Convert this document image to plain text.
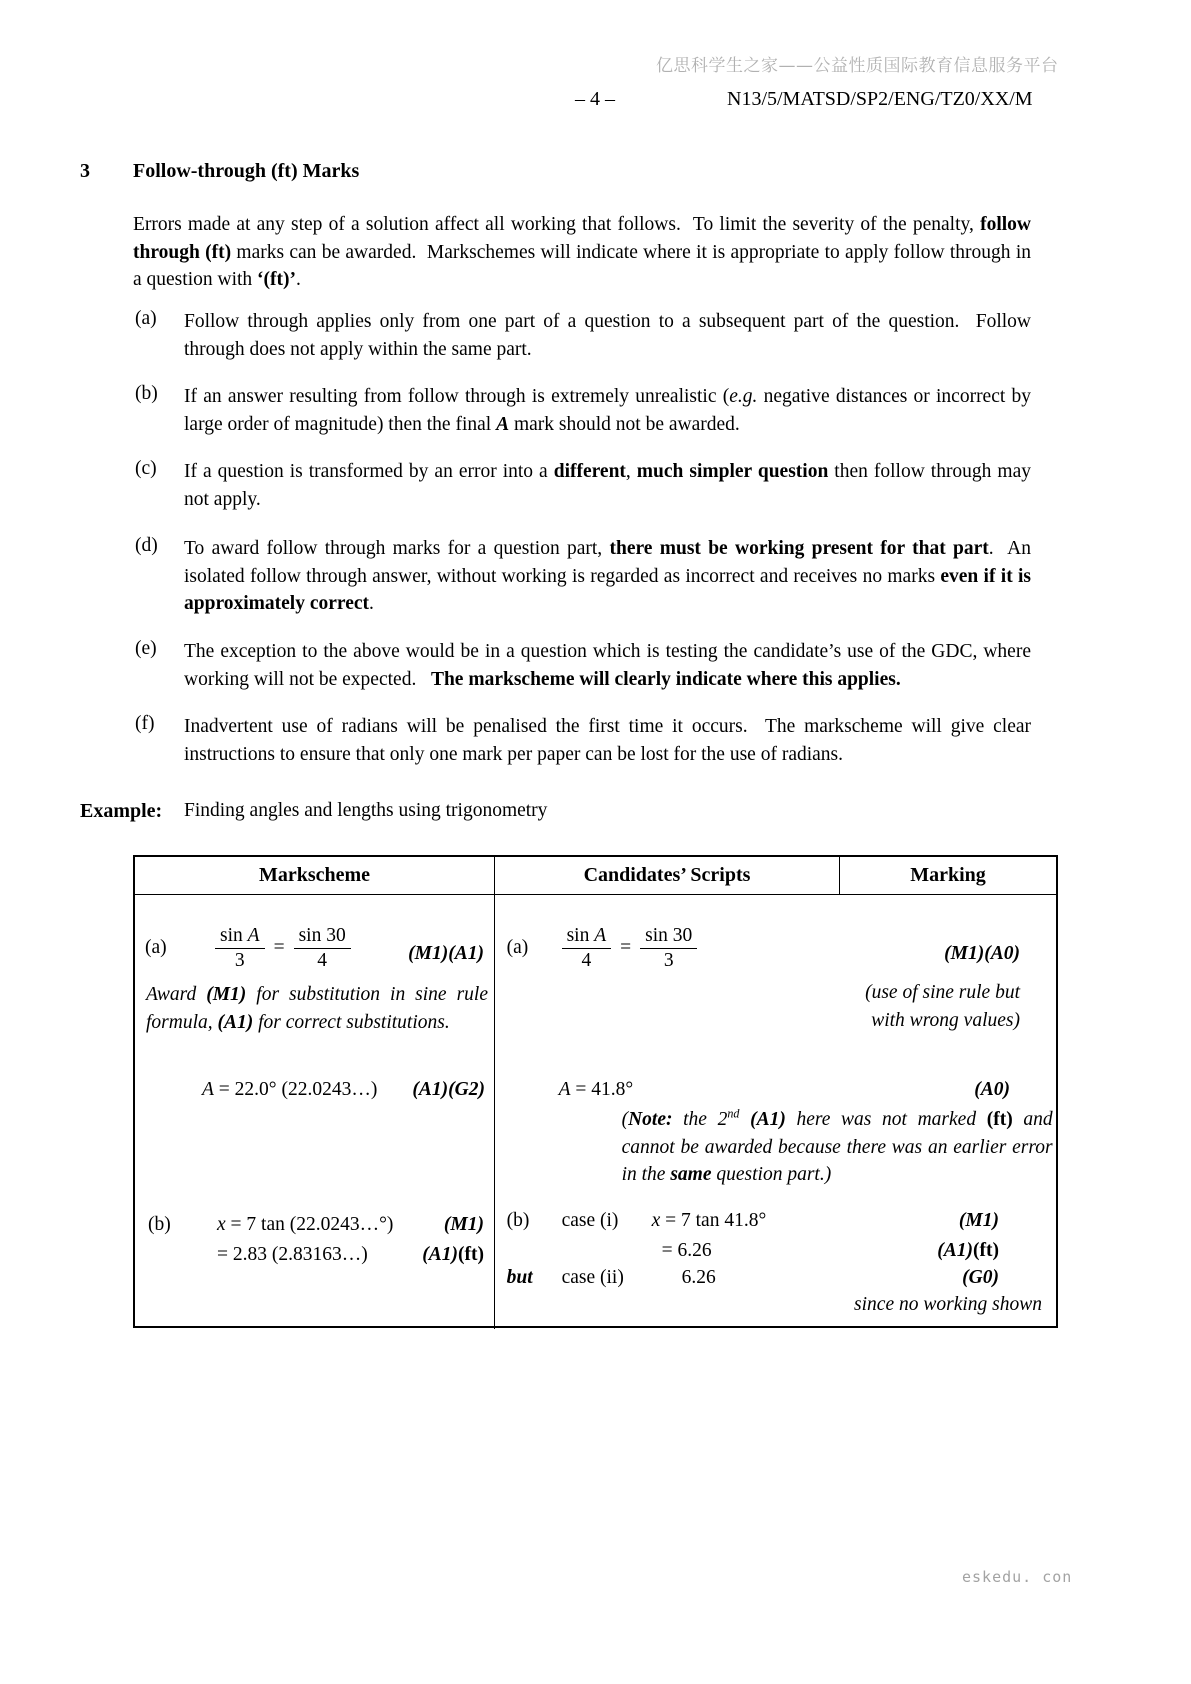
亿思科学生之家——公益性质国际教育信息服务平台
– 4 –	N13/5/MATSD/SP2/ENG/TZ0/XX/M
3 Follow-through (ft) Marks
Errors made at any step of a solution affect all working that follows.  To limit the severity of the penalty, follow through (ft) marks can be awarded.  Markschemes will indicate where it is appropriate to apply follow through in a question with ‘(ft)’.
(a) Follow through applies only from one part of a question to a subsequent part of the question.  Follow through does not apply within the same part.
(b) If an answer resulting from follow through is extremely unrealistic (e.g. negative distances or incorrect by large order of magnitude) then the final A mark should not be awarded.
(c) If a question is transformed by an error into a different, much simpler question then follow through may not apply.
(d) To award follow through marks for a question part, there must be working present for that part.  An isolated follow through answer, without working is regarded as incorrect and receives no marks even if it is approximately correct.
(e) The exception to the above would be in a question which is testing the candidate’s use of the GDC, where working will not be expected.   The markscheme will clearly indicate where this applies.
(f) Inadvertent use of radians will be penalised the first time it occurs.  The markscheme will give clear instructions to ensure that only one mark per paper can be lost for the use of radians.
Example: Finding angles and lengths using trigonometry
Markscheme	Candidates’ Scripts	Marking
(a)	$\frac{\text{sin A}}{3} = \frac{\sin 30}{4}$	(M1)(A1)
Award (M1) for substitution in sine rule formula, (A1) for correct substitutions.
A = 22.0° (22.0243…) (A1)(G2)
(b)	x = 7 tan (22.0243…°)	(M1)
= 2.83 (2.83163…)	(A1)(ft)
(a)	$\frac{\text{sin A}}{4} = \frac{\sin 30}{3}$	(M1)(A0)
(use of sine rule but
with wrong values)
A = 41.8°	(A0)
(Note: the 2nd (A1) here was not marked (ft) and cannot be awarded because there was an earlier error in the same question part.)
(b)	case (i)	x = 7 tan 41.8°	(M1)
= 6.26	(A1)(ft)
but	case (ii)	6.26	(G0)
since no working shown
eskedu. con
